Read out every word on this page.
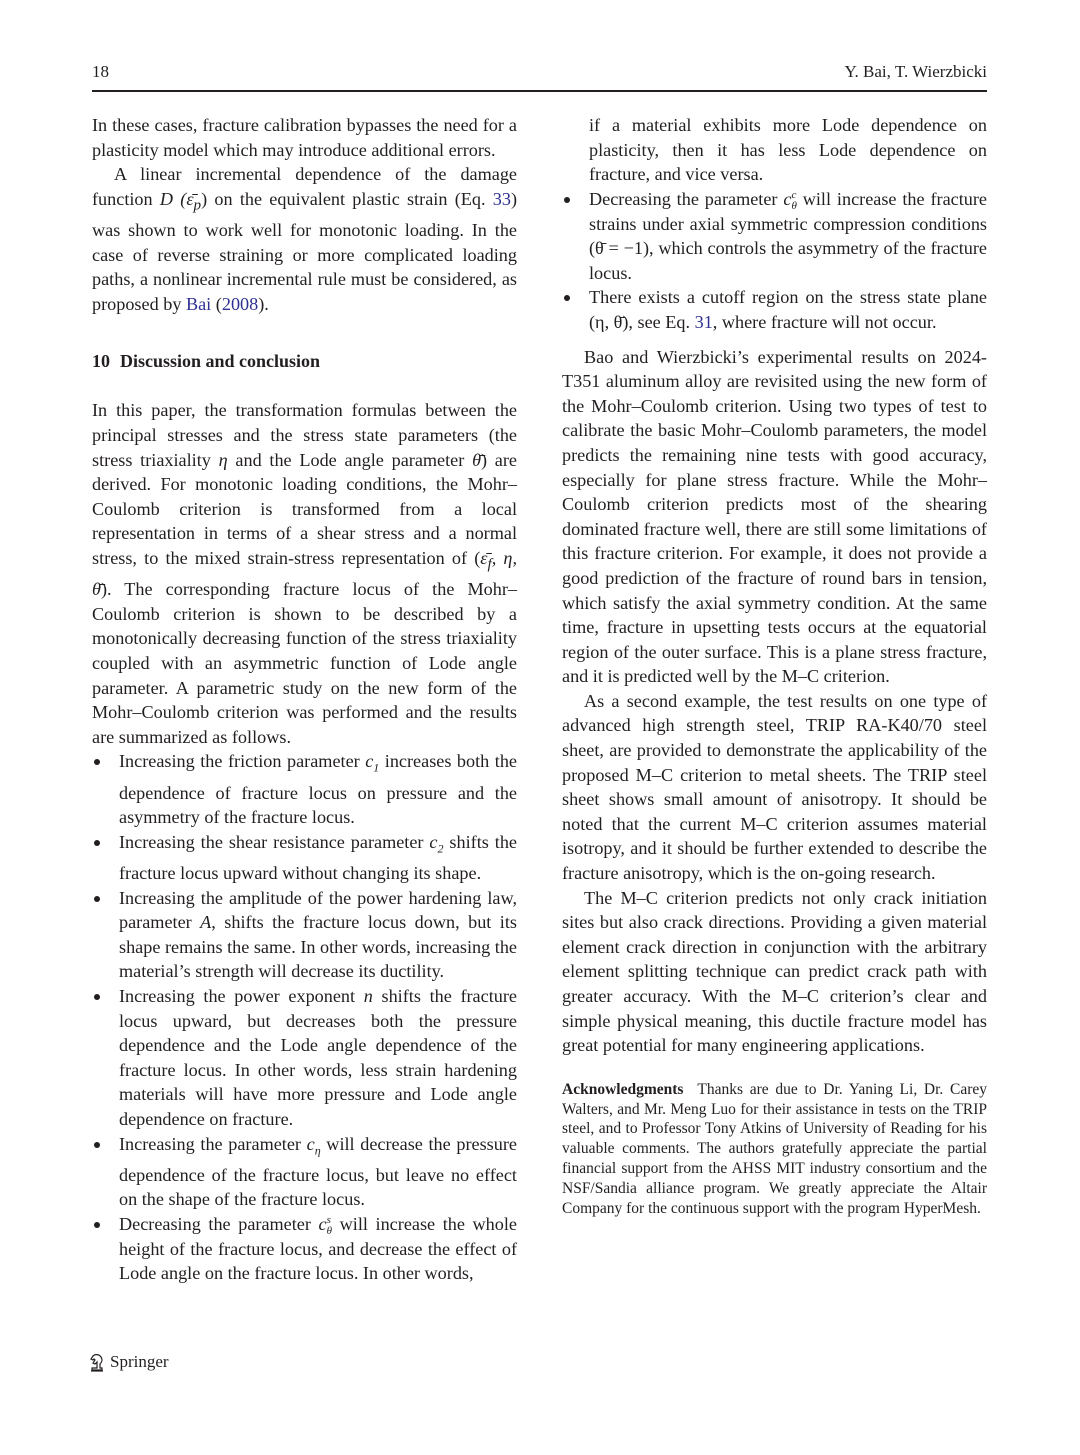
18	Y. Bai, T. Wierzbicki

In these cases, fracture calibration bypasses the need for a plasticity model which may introduce additional errors.

A linear incremental dependence of the damage function D $(\varepsilon̄_p)$ on the equivalent plastic strain (Eq. 33) was shown to work well for monotonic loading. In the case of reverse straining or more complicated loading paths, a nonlinear incremental rule must be considered, as proposed by Bai (2008).

10 Discussion and conclusion

In this paper, the transformation formulas between the principal stresses and the stress state parameters (the stress triaxiality η and the Lode angle parameter θ̄) are derived. For monotonic loading conditions, the Mohr–Coulomb criterion is transformed from a local representation in terms of a shear stress and a normal stress, to the mixed strain-stress representation of ($\varepsilon̄_f$, η, θ̄). The corresponding fracture locus of the Mohr–Coulomb criterion is shown to be described by a monotonically decreasing function of the stress triaxiality coupled with an asymmetric function of Lode angle parameter. A parametric study on the new form of the Mohr–Coulomb criterion was performed and the results are summarized as follows.

Increasing the friction parameter $c_1$ increases both the dependence of fracture locus on pressure and the asymmetry of the fracture locus.
Increasing the shear resistance parameter $c_2$ shifts the fracture locus upward without changing its shape.
Increasing the amplitude of the power hardening law, parameter A, shifts the fracture locus down, but its shape remains the same. In other words, increasing the material’s strength will decrease its ductility.
Increasing the power exponent n shifts the fracture locus upward, but decreases both the pressure dependence and the Lode angle dependence of the fracture locus. In other words, less strain hardening materials will have more pressure and Lode angle dependence on fracture.
Increasing the parameter $c_\eta$ will decrease the pressure dependence of the fracture locus, but leave no effect on the shape of the fracture locus.
Decreasing the parameter c s
θ will increase the whole height of the fracture locus, and decrease the effect of Lode angle on the fracture locus. In other words,

if a material exhibits more Lode dependence on plasticity, then it has less Lode dependence on fracture, and vice versa.

Decreasing the parameter c c
θ will increase the fracture strains under axial symmetric compression conditions (θ̄ = −1), which controls the asymmetry of the fracture locus.
There exists a cutoff region on the stress state plane (η, θ̄), see Eq. 31, where fracture will not occur.

Bao and Wierzbicki’s experimental results on 2024-T351 aluminum alloy are revisited using the new form of the Mohr–Coulomb criterion. Using two types of test to calibrate the basic Mohr–Coulomb parameters, the model predicts the remaining nine tests with good accuracy, especially for plane stress fracture. While the Mohr–Coulomb criterion predicts most of the shearing dominated fracture well, there are still some limitations of this fracture criterion. For example, it does not provide a good prediction of the fracture of round bars in tension, which satisfy the axial symmetry condition. At the same time, fracture in upsetting tests occurs at the equatorial region of the outer surface. This is a plane stress fracture, and it is predicted well by the M–C criterion.

As a second example, the test results on one type of advanced high strength steel, TRIP RA-K40/70 steel sheet, are provided to demonstrate the applicability of the proposed M–C criterion to metal sheets. The TRIP steel sheet shows small amount of anisotropy. It should be noted that the current M–C criterion assumes material isotropy, and it should be further extended to describe the fracture anisotropy, which is the on-going research.

The M–C criterion predicts not only crack initiation sites but also crack directions. Providing a given material element crack direction in conjunction with the arbitrary element splitting technique can predict crack path with greater accuracy. With the M–C criterion’s clear and simple physical meaning, this ductile fracture model has great potential for many engineering applications.

Acknowledgments Thanks are due to Dr. Yaning Li, Dr. Carey Walters, and Mr. Meng Luo for their assistance in tests on the TRIP steel, and to Professor Tony Atkins of University of Reading for his valuable comments. The authors gratefully appreciate the partial financial support from the AHSS MIT industry consortium and the NSF/Sandia alliance program. We greatly appreciate the Altair Company for the continuous support with the program HyperMesh.

Springer
